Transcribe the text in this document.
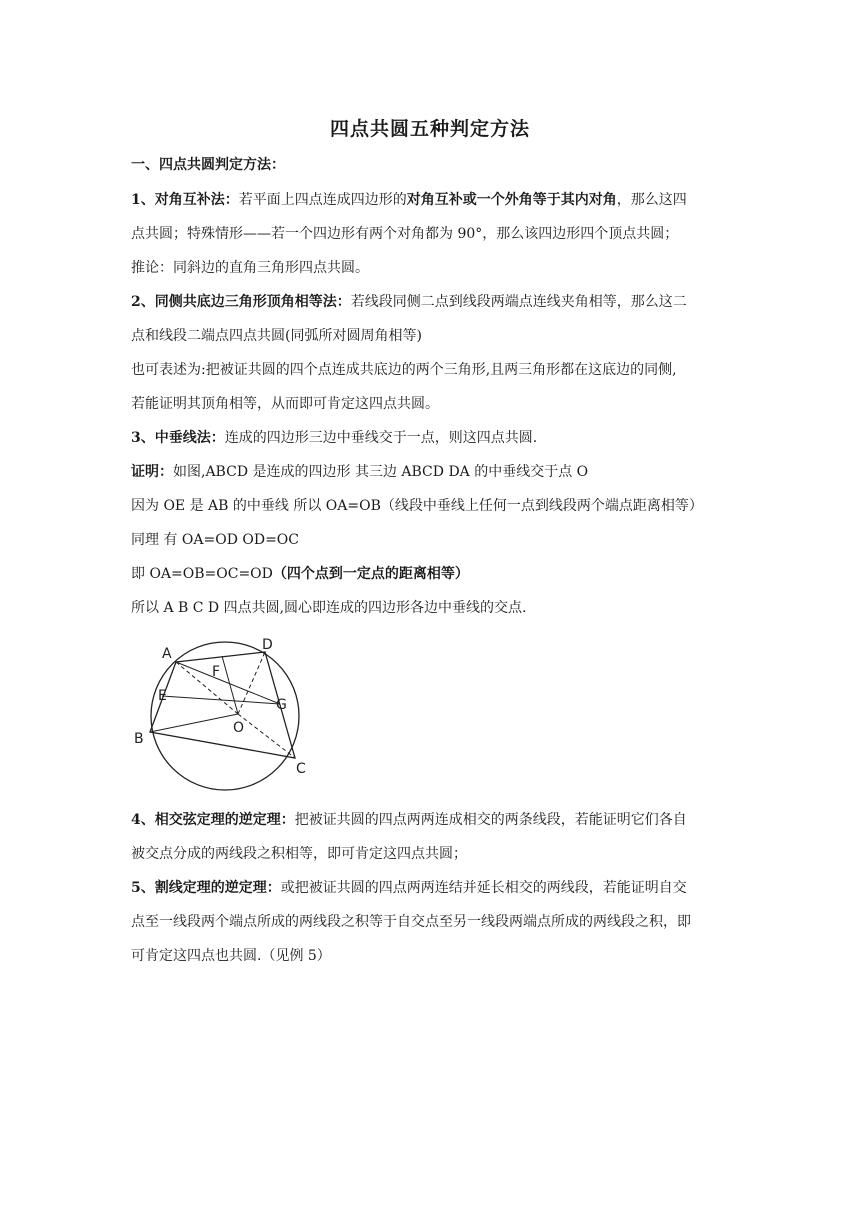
四点共圆五种判定方法
一、四点共圆判定方法：
1、对角互补法：若平面上四点连成四边形的对角互补或一个外角等于其内对角，那么这四
点共圆；特殊情形——若一个四边形有两个对角都为 90°，那么该四边形四个顶点共圆；
推论：同斜边的直角三角形四点共圆。
2、同侧共底边三角形顶角相等法：若线段同侧二点到线段两端点连线夹角相等，那么这二
点和线段二端点四点共圆(同弧所对圆周角相等)
也可表述为:把被证共圆的四个点连成共底边的两个三角形,且两三角形都在这底边的同侧,
若能证明其顶角相等，从而即可肯定这四点共圆。
3、中垂线法：连成的四边形三边中垂线交于一点，则这四点共圆.
证明：如图,ABCD 是连成的四边形 其三边 ABCD DA 的中垂线交于点 O
因为 OE 是 AB 的中垂线 所以 OA=OB（线段中垂线上任何一点到线段两个端点距离相等）
同理 有 OA=OD OD=OC
即 OA=OB=OC=OD（四个点到一定点的距离相等）
所以 A B C D 四点共圆,圆心即连成的四边形各边中垂线的交点.
A
D
F
E
G
O
B
C
4、相交弦定理的逆定理：把被证共圆的四点两两连成相交的两条线段，若能证明它们各自
被交点分成的两线段之积相等，即可肯定这四点共圆；
5、割线定理的逆定理：或把被证共圆的四点两两连结并延长相交的两线段，若能证明自交
点至一线段两个端点所成的两线段之积等于自交点至另一线段两端点所成的两线段之积，即
可肯定这四点也共圆.（见例 5）
